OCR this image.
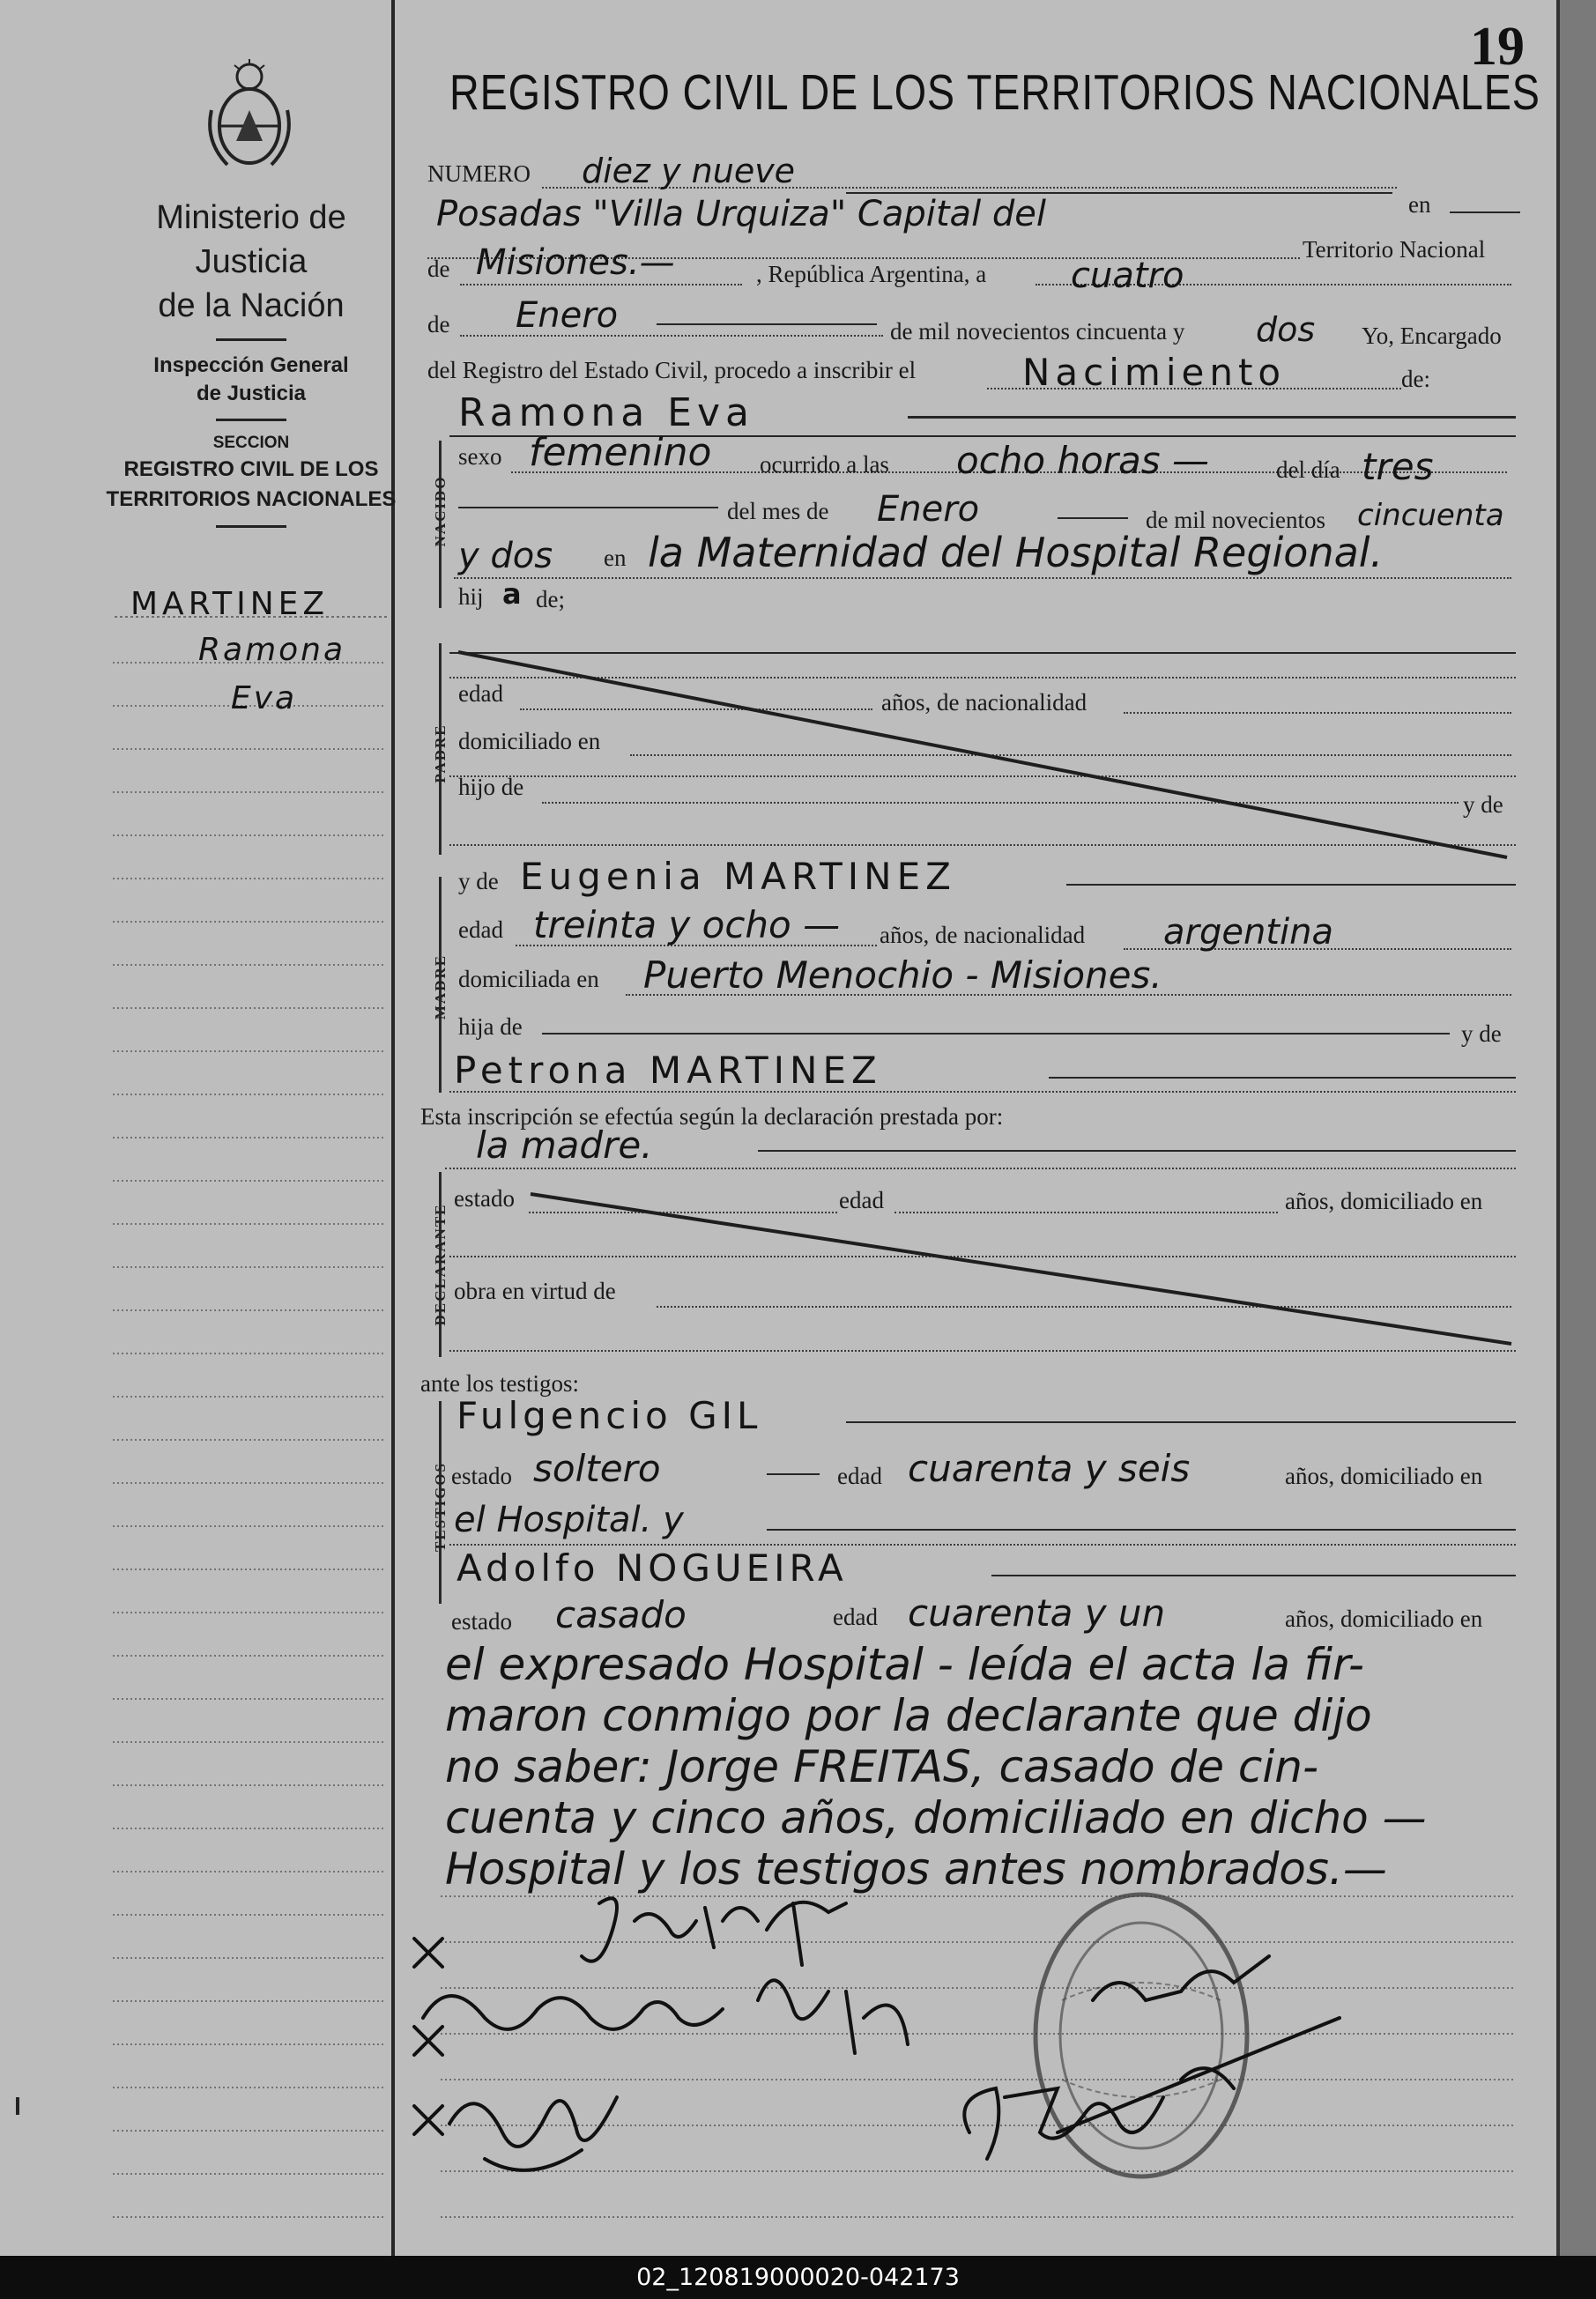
Ministerio de Justicia
de la Nación
Inspección General
de Justicia
SECCION
REGISTRO CIVIL DE LOS
TERRITORIOS NACIONALES
MARTINEZ
Ramona
Eva
19
REGISTRO CIVIL DE LOS TERRITORIOS NACIONALES
NUMERO diez y nueve
en
Posadas "Villa Urquiza" Capital del
Territorio Nacional
de Misiones.—	, República Argentina, a cuatro
de Enero	de mil novecientos cincuenta y dos Yo, Encargado
del Registro del Estado Civil, procedo a inscribir el	Nacimiento	de:
Ramona Eva
NACIDO
sexo femenino ocurrido a las ocho horas —	del día tres
del mes de Enero	de mil novecientos cincuenta
y dos en la Maternidad del Hospital Regional.
hij a de;
PADRE
edad	años, de nacionalidad
domiciliado en
hijo de
y de
MADRE
y de Eugenia MARTINEZ
edad treinta y ocho — años, de nacionalidad argentina
domiciliada en Puerto Menochio - Misiones.
hija de	y de
Petrona MARTINEZ
Esta inscripción se efectúa según la declaración prestada por:
la madre.
DECLARANTE
estado	edad	años, domiciliado en
obra en virtud de
ante los testigos:
TESTIGOS
Fulgencio GIL
estado soltero	edad cuarenta y seis	años, domiciliado en
el Hospital. y
Adolfo NOGUEIRA
estado casado	edad cuarenta y un	años, domiciliado en
el expresado Hospital - leída el acta la fir-
maron conmigo por la declarante que dijo
no saber: Jorge FREITAS, casado de cin-
cuenta y cinco años, domiciliado en dicho —
Hospital y los testigos antes nombrados.—
02_120819000020-042173
